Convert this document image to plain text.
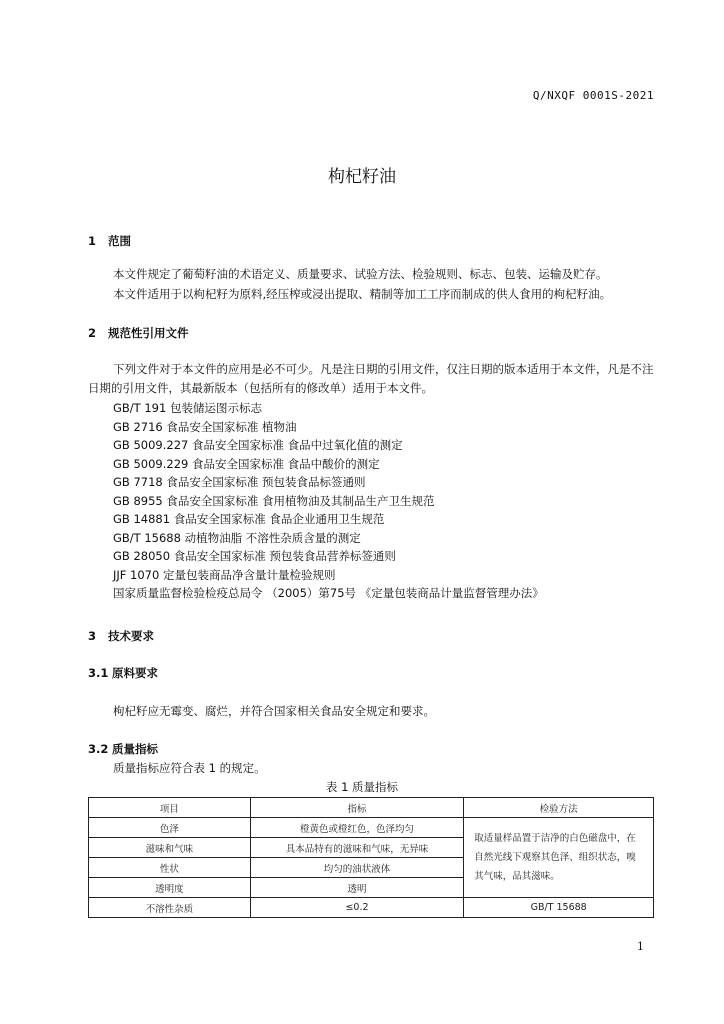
Q/NXQF 0001S-2021
枸杞籽油
1 范围
本文件规定了葡萄籽油的术语定义、质量要求、试验方法、检验规则、标志、包装、运输及贮存。
本文件适用于以枸杞籽为原料,经压榨或浸出提取、精制等加工工序而制成的供人食用的枸杞籽油。
2 规范性引用文件
下列文件对于本文件的应用是必不可少。凡是注日期的引用文件，仅注日期的版本适用于本文件，凡是不注日期的引用文件，其最新版本（包括所有的修改单）适用于本文件。
GB/T 191 包装储运图示标志
GB 2716 食品安全国家标准 植物油
GB 5009.227 食品安全国家标准 食品中过氧化值的测定
GB 5009.229 食品安全国家标准 食品中酸价的测定
GB 7718 食品安全国家标准 预包装食品标签通则
GB 8955 食品安全国家标准 食用植物油及其制品生产卫生规范
GB 14881 食品安全国家标准 食品企业通用卫生规范
GB/T 15688 动植物油脂 不溶性杂质含量的测定
GB 28050 食品安全国家标准 预包装食品营养标签通则
JJF 1070 定量包装商品净含量计量检验规则
国家质量监督检验检疫总局令 （2005）第75号 《定量包装商品计量监督管理办法》
3 技术要求
3.1 原料要求
枸杞籽应无霉变、腐烂，并符合国家相关食品安全规定和要求。
3.2 质量指标
质量指标应符合表 1 的规定。
表 1 质量指标
项目	指标	检验方法
色泽	橙黄色或橙红色，色泽均匀	取适量样品置于洁净的白色磁盘中，在自然光线下观察其色泽、组织状态，嗅其气味，品其滋味。
滋味和气味	具本品特有的滋味和气味，无异味	
性状	均匀的油状液体	
透明度	透明	
不溶性杂质	≤0.2	GB/T 15688
1
